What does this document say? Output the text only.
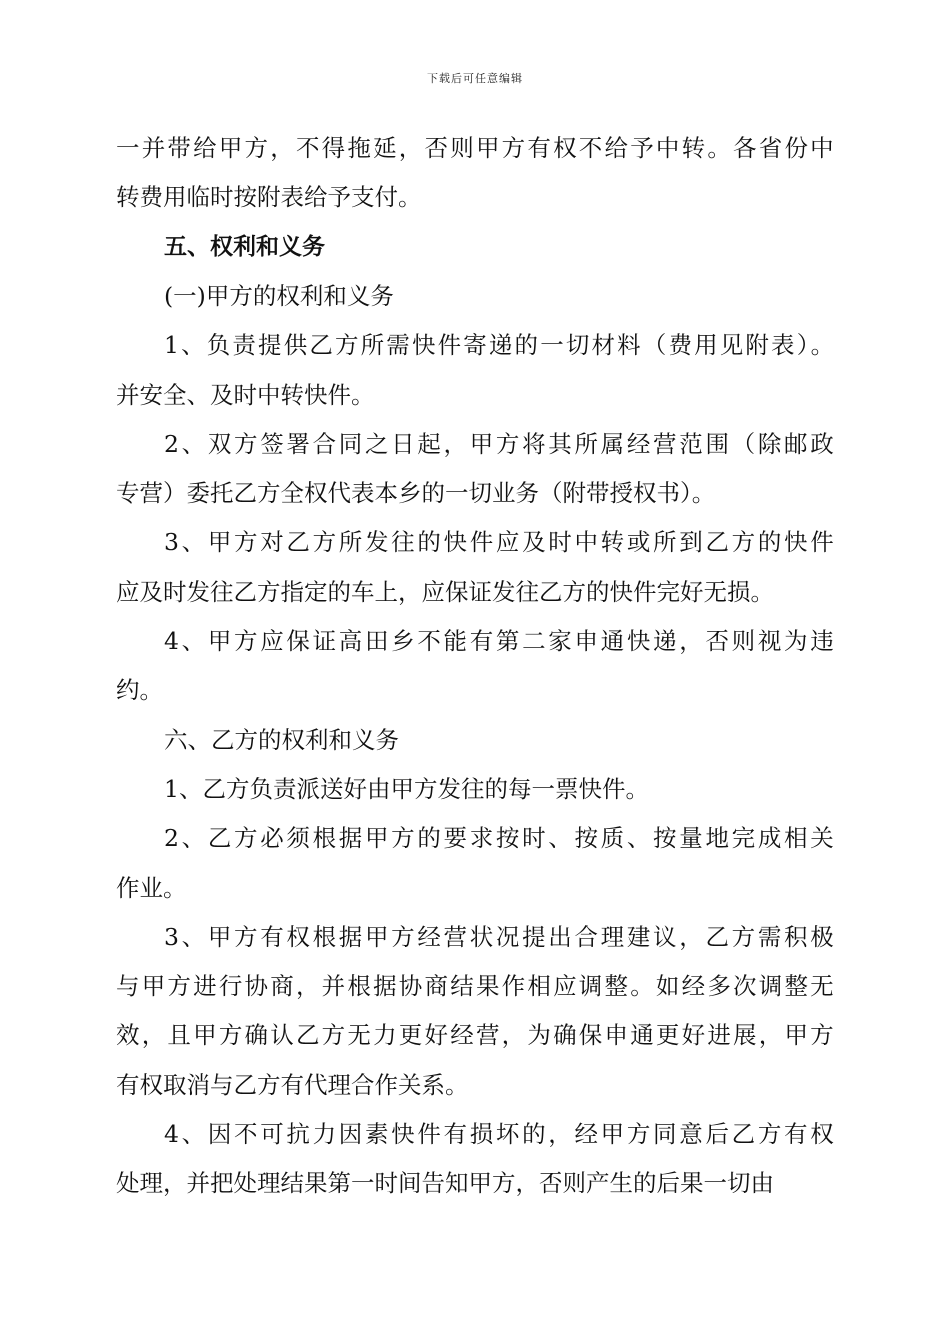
下载后可任意编辑
一并带给甲方，不得拖延，否则甲方有权不给予中转。各省份中
转费用临时按附表给予支付。
五、权利和义务
(一)甲方的权利和义务
1、负责提供乙方所需快件寄递的一切材料（费用见附表）。
并安全、及时中转快件。
2、双方签署合同之日起，甲方将其所属经营范围（除邮政
专营）委托乙方全权代表本乡的一切业务（附带授权书）。
3、甲方对乙方所发往的快件应及时中转或所到乙方的快件
应及时发往乙方指定的车上，应保证发往乙方的快件完好无损。
4、甲方应保证高田乡不能有第二家申通快递，否则视为违
约。
六、乙方的权利和义务
1、乙方负责派送好由甲方发往的每一票快件。
2、乙方必须根据甲方的要求按时、按质、按量地完成相关
作业。
3、甲方有权根据甲方经营状况提出合理建议，乙方需积极
与甲方进行协商，并根据协商结果作相应调整。如经多次调整无
效，且甲方确认乙方无力更好经营，为确保申通更好进展，甲方
有权取消与乙方有代理合作关系。
4、因不可抗力因素快件有损坏的，经甲方同意后乙方有权
处理，并把处理结果第一时间告知甲方，否则产生的后果一切由
